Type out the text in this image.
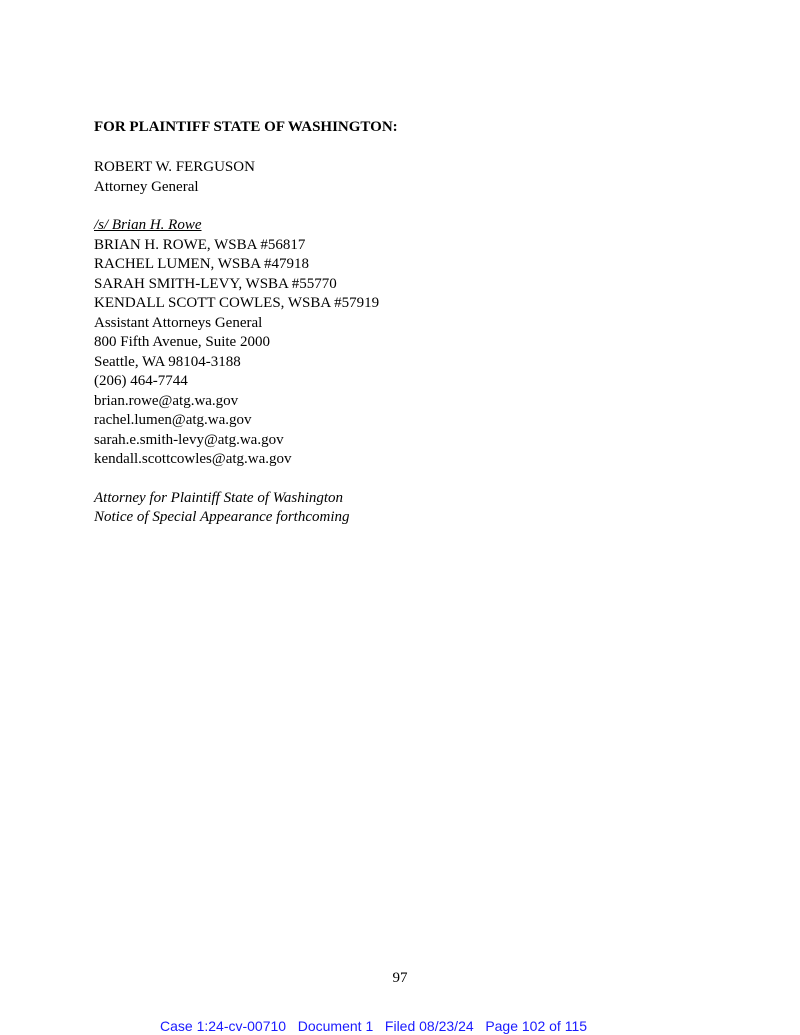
FOR PLAINTIFF STATE OF WASHINGTON:
ROBERT W. FERGUSON
Attorney General
/s/ Brian H. Rowe
BRIAN H. ROWE, WSBA #56817
RACHEL LUMEN, WSBA #47918
SARAH SMITH-LEVY, WSBA #55770
KENDALL SCOTT COWLES, WSBA #57919
Assistant Attorneys General
800 Fifth Avenue, Suite 2000
Seattle, WA 98104-3188
(206) 464-7744
brian.rowe@atg.wa.gov
rachel.lumen@atg.wa.gov
sarah.e.smith-levy@atg.wa.gov
kendall.scottcowles@atg.wa.gov
Attorney for Plaintiff State of Washington
Notice of Special Appearance forthcoming
97
Case 1:24-cv-00710 Document 1 Filed 08/23/24 Page 102 of 115
